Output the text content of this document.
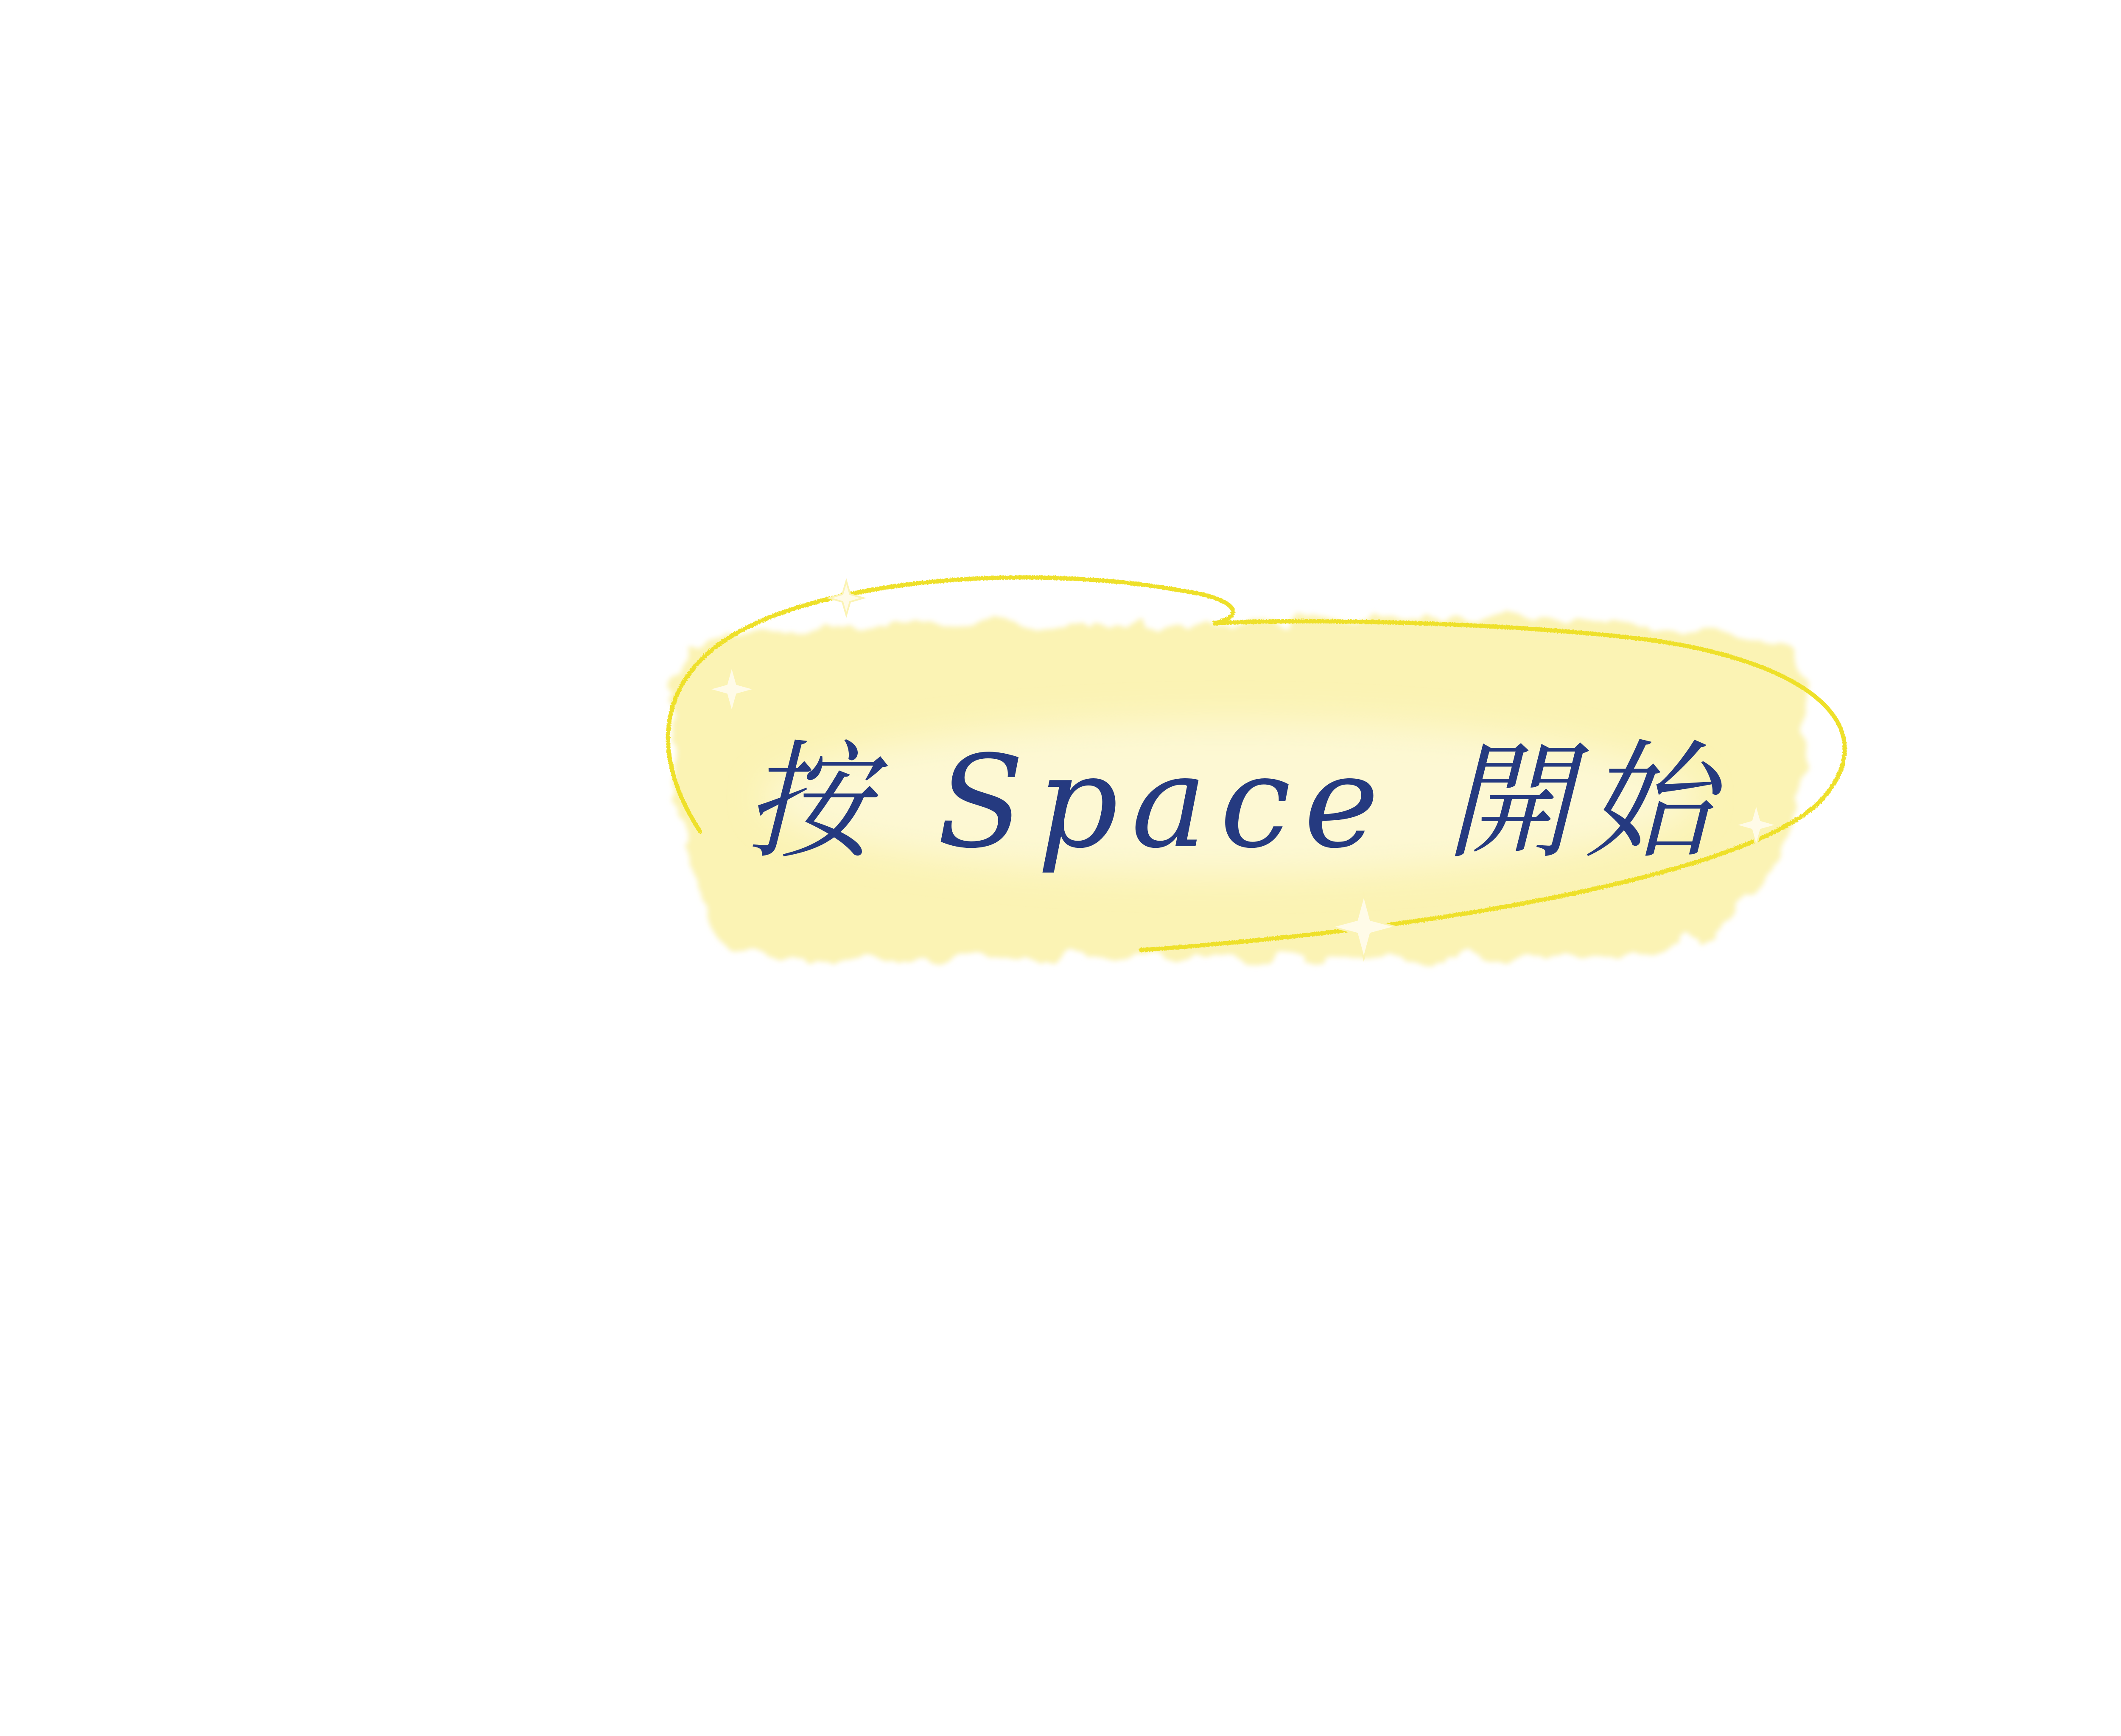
按 Space 開始
